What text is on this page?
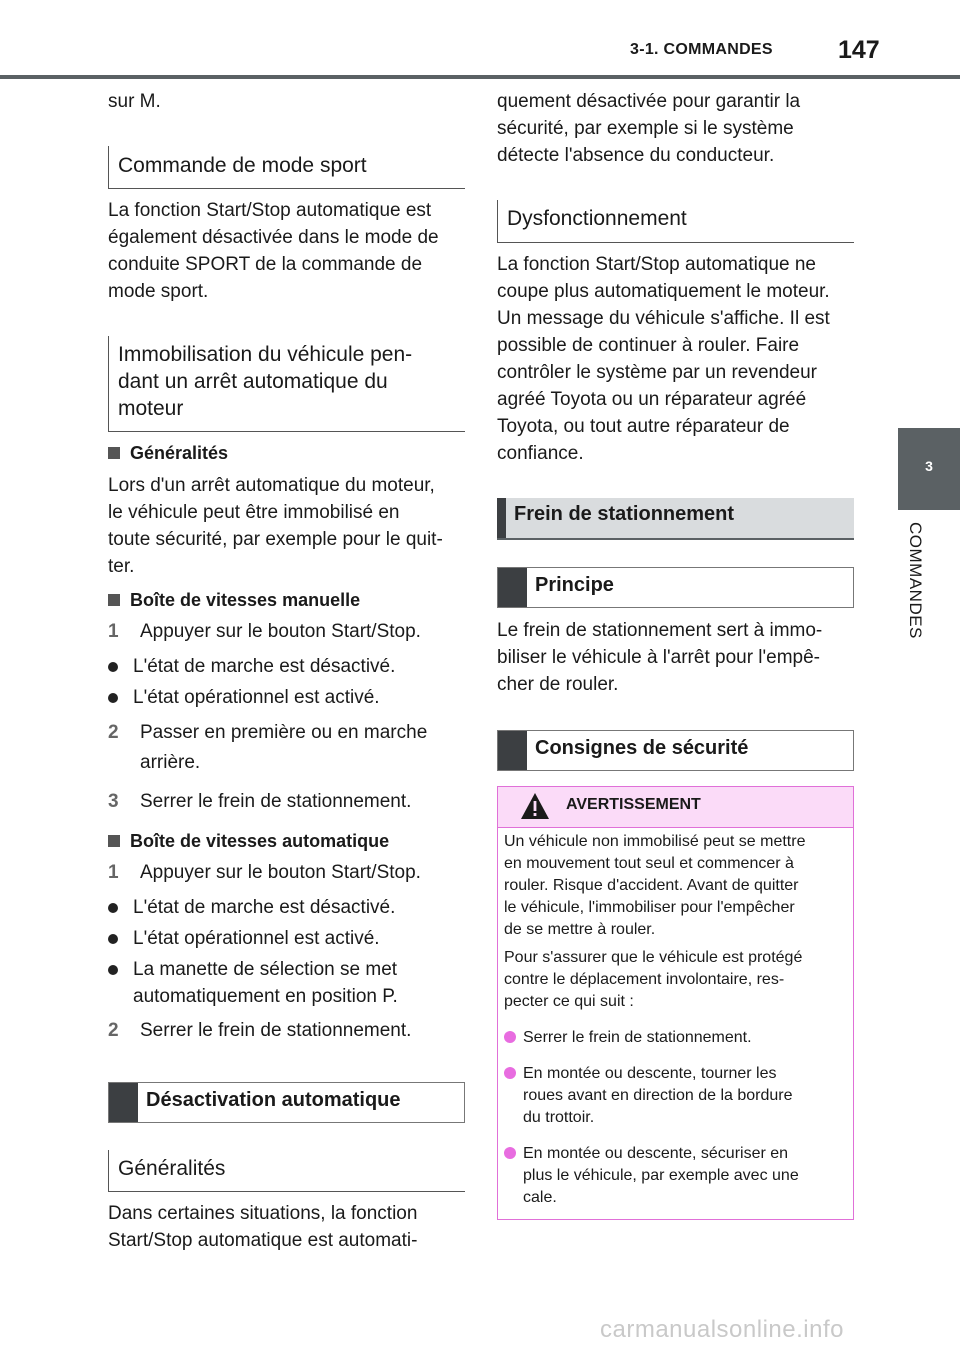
3-1. COMMANDES	147
3
COMMANDES
sur M.
Commande de mode sport
La fonction Start/Stop automatique est
également désactivée dans le mode de
conduite SPORT de la commande de
mode sport.
Immobilisation du véhicule pen-
dant un arrêt automatique du
moteur
Généralités
Lors d'un arrêt automatique du moteur,
le véhicule peut être immobilisé en
toute sécurité, par exemple pour le quit-
ter.
Boîte de vitesses manuelle
1 Appuyer sur le bouton Start/Stop.
L'état de marche est désactivé.
L'état opérationnel est activé.
2 Passer en première ou en marche
arrière.
3 Serrer le frein de stationnement.
Boîte de vitesses automatique
1 Appuyer sur le bouton Start/Stop.
L'état de marche est désactivé.
L'état opérationnel est activé.
La manette de sélection se met
automatiquement en position P.
2 Serrer le frein de stationnement.
Désactivation automatique
Généralités
Dans certaines situations, la fonction
Start/Stop automatique est automati-
quement désactivée pour garantir la
sécurité, par exemple si le système
détecte l'absence du conducteur.
Dysfonctionnement
La fonction Start/Stop automatique ne
coupe plus automatiquement le moteur.
Un message du véhicule s'affiche. Il est
possible de continuer à rouler. Faire
contrôler le système par un revendeur
agréé Toyota ou un réparateur agréé
Toyota, ou tout autre réparateur de
confiance.
Frein de stationnement
Principe
Le frein de stationnement sert à immo-
biliser le véhicule à l'arrêt pour l'empê-
cher de rouler.
Consignes de sécurité
AVERTISSEMENT
Un véhicule non immobilisé peut se mettre
en mouvement tout seul et commencer à
rouler. Risque d'accident. Avant de quitter
le véhicule, l'immobiliser pour l'empêcher
de se mettre à rouler.
Pour s'assurer que le véhicule est protégé
contre le déplacement involontaire, res-
pecter ce qui suit :
Serrer le frein de stationnement.
En montée ou descente, tourner les
roues avant en direction de la bordure
du trottoir.
En montée ou descente, sécuriser en
plus le véhicule, par exemple avec une
cale.
carmanualsonline.info
